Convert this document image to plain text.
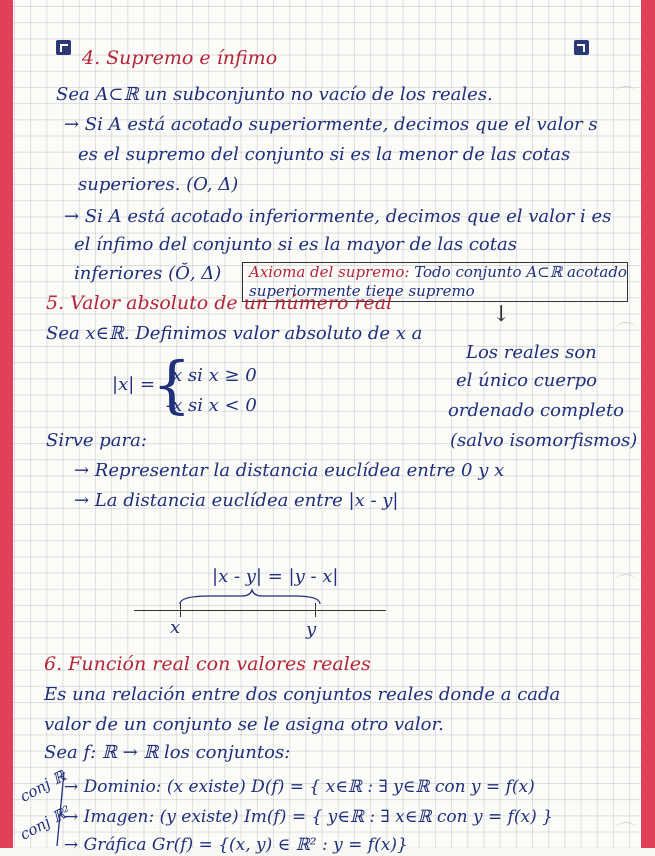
4. Supremo e ínfimo
Sea A⊂ℝ un subconjunto no vacío de los reales.
→ Si A está acotado superiormente, decimos que el valor s
es el supremo del conjunto si es la menor de las cotas
superiores. (O, Δ)
→ Si A está acotado inferiormente, decimos que el valor i es
el ínfimo del conjunto si es la mayor de las cotas
inferiores (Ŏ, Δ)	Axioma del supremo: Todo conjunto A⊂ℝ acotado
superiormente tiene supremo
↓
5. Valor absoluto de un número real
Sea x∈ℝ. Definimos valor absoluto de x a
|x| =
{
x si x ≥ 0
-x si x < 0
Los reales son
el único cuerpo
ordenado completo
(salvo isomorfismos)
Sirve para:
→ Representar la distancia euclídea entre 0 y x
→ La distancia euclídea entre |x - y|
|x - y| = |y - x|
x	y
6. Función real con valores reales
Es una relación entre dos conjuntos reales donde a cada
valor de un conjunto se le asigna otro valor.
Sea f: ℝ → ℝ los conjuntos:
conj ℝ
conj ℝ²
→ Dominio: (x existe) D(f) = { x∈ℝ : ∃ y∈ℝ con y = f(x)
→ Imagen: (y existe) Im(f) = { y∈ℝ : ∃ x∈ℝ con y = f(x) }
→ Gráfica Gr(f) = {(x, y) ∈ ℝ² : y = f(x)}
